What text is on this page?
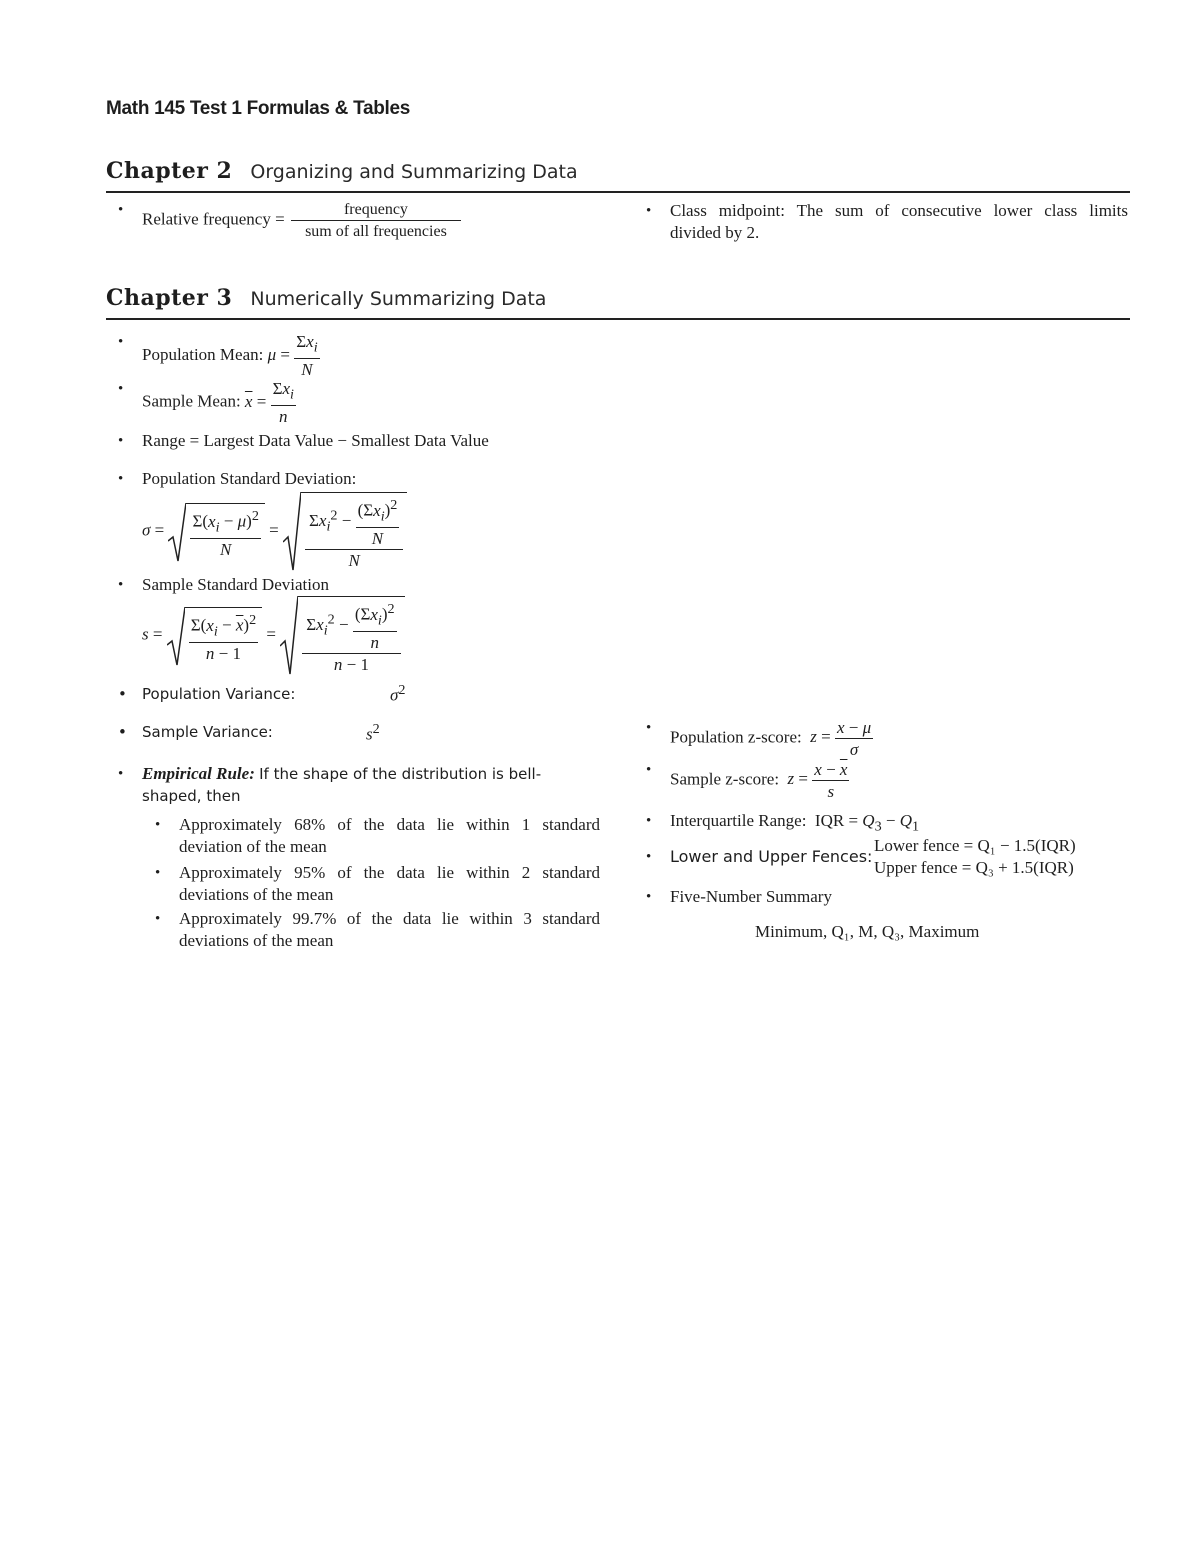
Math 145 Test 1 Formulas & Tables
Chapter 2 Organizing and Summarizing Data
• Relative frequency = $\frac{\text{frequency}}{\text{sum of all frequencies}}$	• Class midpoint: The sum of consecutive lower class limits
divided by 2.
Chapter 3 Numerically Summarizing Data
• Population Mean: $\mu = \frac{\Sigma x_i}{N}$
• Sample Mean: $\overline{x} = \frac{\Sigma x_i}{n}$
• Range = Largest Data Value − Smallest Data Value
• Population Standard Deviation:
$\sigma = \frac{\Sigma(x_i - \mu)^2}{N} = \frac{\Sigma x_i^2 - \frac{(\Sigma x_i)^2}{N}}{N}$
• Sample Standard Deviation
$s = \frac{\Sigma(x_i - \overline{x})^2}{n - 1} = \frac{\Sigma x_i^2 - \frac{(\Sigma x_i)^2}{n}}{n - 1}$
• Population Variance:	$\sigma^2$
• Sample Variance:	$s^2$
• Empirical Rule: If the shape of the distribution is bell-
shaped, then
• Approximately 68% of the data lie within 1 standard
deviation of the mean
• Approximately 95% of the data lie within 2 standard
deviations of the mean
• Approximately 99.7% of the data lie within 3 standard
deviations of the mean
• Population z-score: $z = \frac{x - \mu}{\sigma}$
• Sample z-score: $z = \frac{x - \overline{x}}{s}$
• Interquartile Range:  IQR = $Q_3 - Q_1$
• Lower and Upper Fences:
Lower fence = Q₁ − 1.5(IQR)
Upper fence = Q₃ + 1.5(IQR)
• Five-Number Summary
Minimum, Q₁, M, Q₃, Maximum
